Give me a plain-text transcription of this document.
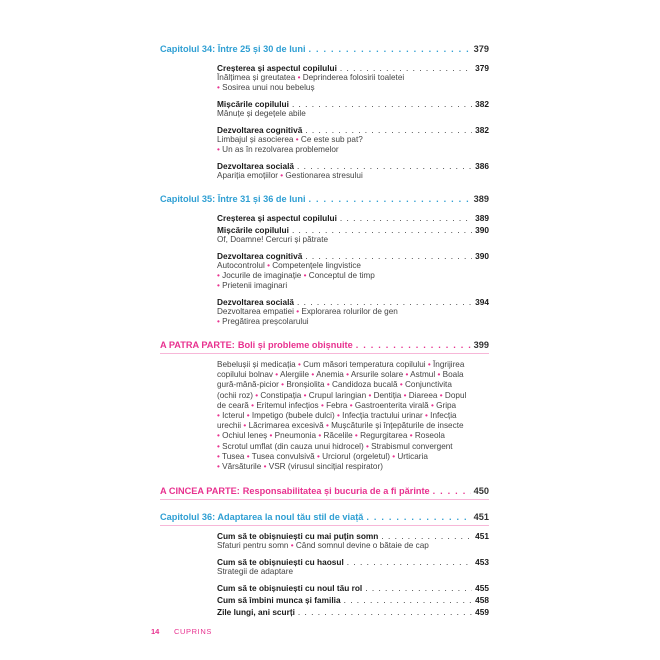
Capitolul 34: Între 25 și 30 de luni . . .	379
Creșterea și aspectul copilului . . .	379
Înălțimea și greutatea • Deprinderea folosirii toaletei
• Sosirea unui nou bebeluș
Mișcările copilului . . .	382
Mânuțe și degețele abile
Dezvoltarea cognitivă . . .	382
Limbajul și asocierea • Ce este sub pat?
• Un as în rezolvarea problemelor
Dezvoltarea socială . . .	386
Apariția emoțiilor • Gestionarea stresului
Capitolul 35: Între 31 și 36 de luni . . .	389
Creșterea și aspectul copilului . . .	389
Mișcările copilului . . .	390
Of, Doamne! Cercuri și pătrate
Dezvoltarea cognitivă . . .	390
Autocontrolul • Competențele lingvistice
• Jocurile de imaginație • Conceptul de timp
• Prietenii imaginari
Dezvoltarea socială . . .	394
Dezvoltarea empatiei • Explorarea rolurilor de gen
• Pregătirea preșcolarului
A PATRA PARTE: Boli și probleme obișnuite . . .	399
Bebelușii și medicația • Cum măsori temperatura copilului • Îngrijirea
copilului bolnav • Alergiile • Anemia • Arsurile solare • Astmul • Boala
gură-mână-picior • Bronșiolita • Candidoza bucală • Conjunctivita
(ochii roz) • Constipația • Crupul laringian • Dentiția • Diareea • Dopul
de ceară • Eritemul infecțios • Febra • Gastroenterita virală • Gripa
• Icterul • Impetigo (bubele dulci) • Infecția tractului urinar • Infecția
urechii • Lăcrimarea excesivă • Mușcăturile și înțepăturile de insecte
• Ochiul leneș • Pneumonia • Răcelile • Regurgitarea • Roseola
• Scrotul umflat (din cauza unui hidrocel) • Strabismul convergent
• Tusea • Tusea convulsivă • UrcioruI (orgeletul) • Urticaria
• Vărsăturile • VSR (virusul sincițial respirator)
A CINCEA PARTE: Responsabilitatea și bucuria de a fi părinte . . .	450
Capitolul 36: Adaptarea la noul tău stil de viață . . .	451
Cum să te obișnuiești cu mai puțin somn . . .	451
Sfaturi pentru somn • Când somnul devine o bătaie de cap
Cum să te obișnuiești cu haosul . . .	453
Strategii de adaptare
Cum să te obișnuiești cu noul tău rol . . .	455
Cum să îmbini munca și familia . . .	458
Zile lungi, ani scurți . . .	459
14 CUPRINS
